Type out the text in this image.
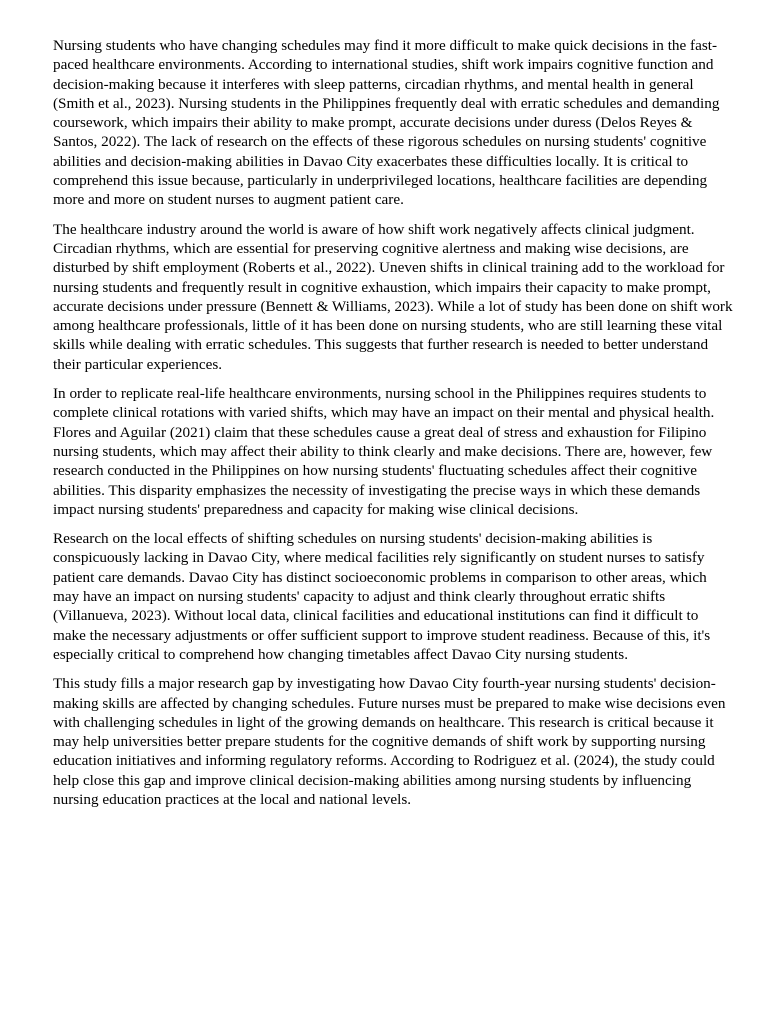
Nursing students who have changing schedules may find it more difficult to make quick decisions in the fast-paced healthcare environments. According to international studies, shift work impairs cognitive function and decision-making because it interferes with sleep patterns, circadian rhythms, and mental health in general (Smith et al., 2023). Nursing students in the Philippines frequently deal with erratic schedules and demanding coursework, which impairs their ability to make prompt, accurate decisions under duress (Delos Reyes & Santos, 2022). The lack of research on the effects of these rigorous schedules on nursing students' cognitive abilities and decision-making abilities in Davao City exacerbates these difficulties locally. It is critical to comprehend this issue because, particularly in underprivileged locations, healthcare facilities are depending more and more on student nurses to augment patient care.

The healthcare industry around the world is aware of how shift work negatively affects clinical judgment. Circadian rhythms, which are essential for preserving cognitive alertness and making wise decisions, are disturbed by shift employment (Roberts et al., 2022). Uneven shifts in clinical training add to the workload for nursing students and frequently result in cognitive exhaustion, which impairs their capacity to make prompt, accurate decisions under pressure (Bennett & Williams, 2023). While a lot of study has been done on shift work among healthcare professionals, little of it has been done on nursing students, who are still learning these vital skills while dealing with erratic schedules. This suggests that further research is needed to better understand their particular experiences.

In order to replicate real-life healthcare environments, nursing school in the Philippines requires students to complete clinical rotations with varied shifts, which may have an impact on their mental and physical health. Flores and Aguilar (2021) claim that these schedules cause a great deal of stress and exhaustion for Filipino nursing students, which may affect their ability to think clearly and make decisions. There are, however, few research conducted in the Philippines on how nursing students' fluctuating schedules affect their cognitive abilities. This disparity emphasizes the necessity of investigating the precise ways in which these demands impact nursing students' preparedness and capacity for making wise clinical decisions.

Research on the local effects of shifting schedules on nursing students' decision-making abilities is conspicuously lacking in Davao City, where medical facilities rely significantly on student nurses to satisfy patient care demands. Davao City has distinct socioeconomic problems in comparison to other areas, which may have an impact on nursing students' capacity to adjust and think clearly throughout erratic shifts (Villanueva, 2023). Without local data, clinical facilities and educational institutions can find it difficult to make the necessary adjustments or offer sufficient support to improve student readiness. Because of this, it's especially critical to comprehend how changing timetables affect Davao City nursing students.

This study fills a major research gap by investigating how Davao City fourth-year nursing students' decision-making skills are affected by changing schedules. Future nurses must be prepared to make wise decisions even with challenging schedules in light of the growing demands on healthcare. This research is critical because it may help universities better prepare students for the cognitive demands of shift work by supporting nursing education initiatives and informing regulatory reforms. According to Rodriguez et al. (2024), the study could help close this gap and improve clinical decision-making abilities among nursing students by influencing nursing education practices at the local and national levels.
